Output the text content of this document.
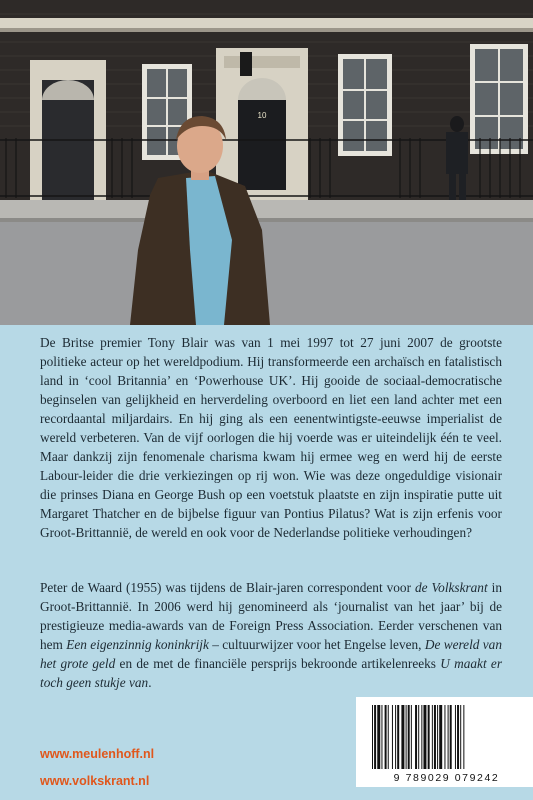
10

De Britse premier Tony Blair was van 1 mei 1997 tot 27 juni 2007 de grootste politieke acteur op het wereldpodium. Hij transformeerde een archaïsch en fatalistisch land in ‘cool Britannia’ en ‘Powerhouse UK’. Hij gooide de sociaal-democratische beginselen van gelijkheid en herverdeling overboord en liet een land achter met een recordaantal miljardairs. En hij ging als een eenentwintigste-eeuwse imperialist de wereld verbeteren. Van de vijf oorlogen die hij voerde was er uiteindelijk één te veel. Maar dankzij zijn fenomenale charisma kwam hij ermee weg en werd hij de eerste Labour-leider die drie verkiezingen op rij won. Wie was deze ongeduldige visionair die prinses Diana en George Bush op een voetstuk plaatste en zijn inspiratie putte uit Margaret Thatcher en de bijbelse figuur van Pontius Pilatus? Wat is zijn erfenis voor Groot-Brittannië, de wereld en ook voor de Nederlandse politieke verhoudingen?

Peter de Waard (1955) was tijdens de Blair-jaren correspondent voor de Volkskrant in Groot-Brittannië. In 2006 werd hij genomineerd als ‘journalist van het jaar’ bij de prestigieuze media-awards van de Foreign Press Association. Eerder verschenen van hem Een eigenzinnig koninkrijk – cultuurwijzer voor het Engelse leven, De wereld van het grote geld en de met de financiële persprijs bekroonde artikelenreeks U maakt er toch geen stukje van.

www.meulenhoff.nl
www.volkskrant.nl	9 789029 079242
